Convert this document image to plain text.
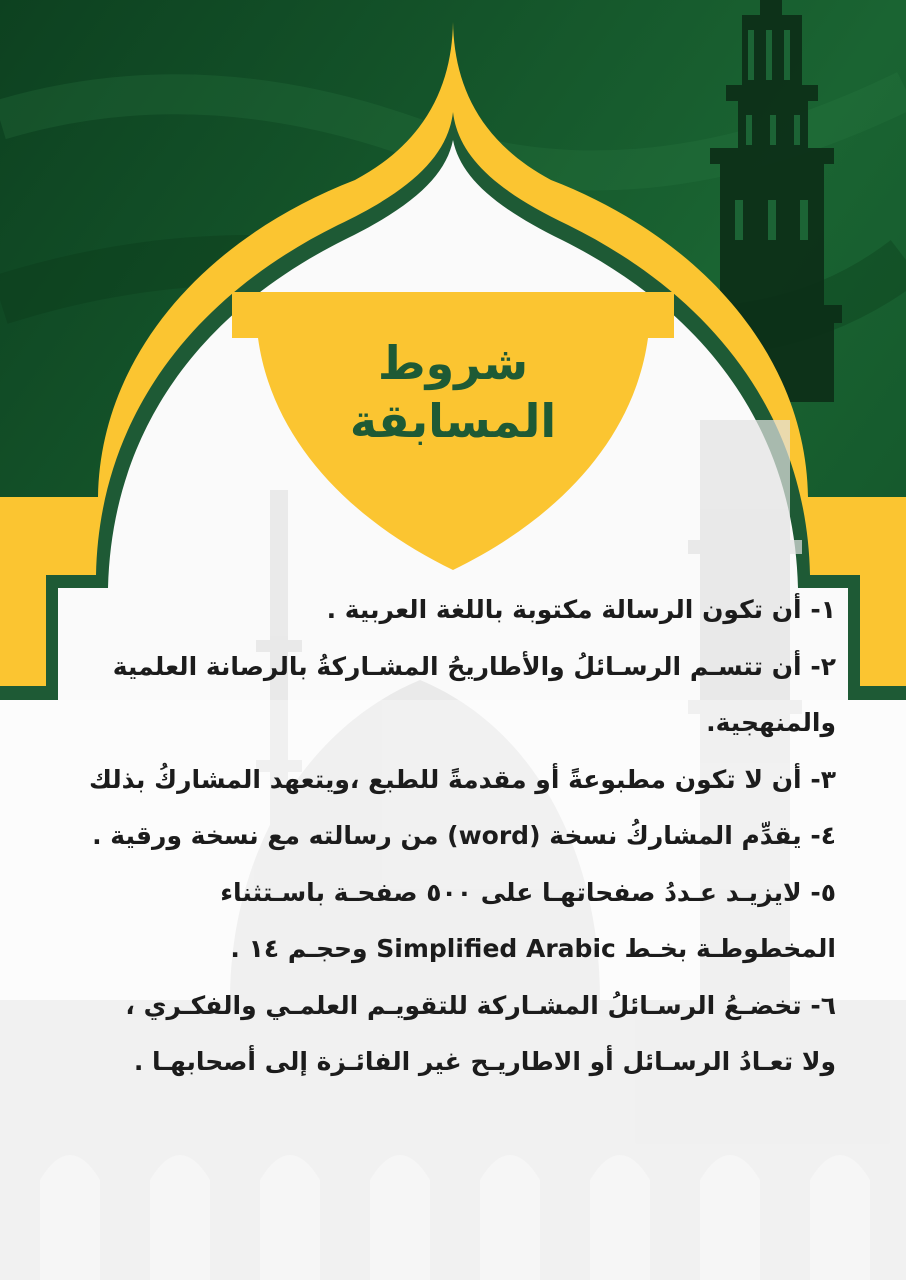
شروط
المسابقة
١- أن تكون الرسالة مكتوبة باللغة العربية .
٢- أن تتسـم الرسـائلُ والأطاريحُ المشـاركةُ بالرصانة العلمية
والمنهجية.
٣- أن لا تكون مطبوعةً أو مقدمةً للطبع ،ويتعهد المشاركُ بذلك
٤- يقدِّم المشاركُ نسخة (word) من رسالته مع نسخة ورقية .
٥- لايزيـد عـددُ صفحاتهـا على ٥٠٠ صفحـة باسـتثناء
المخطوطـة بخـط Simplified Arabic وحجـم ١٤ .
٦- تخضـعُ الرسـائلُ المشـاركة للتقويـم العلمـي والفكـري ،
ولا تعـادُ الرسـائل أو الاطاريـح غير الفائـزة إلى أصحابهـا .
